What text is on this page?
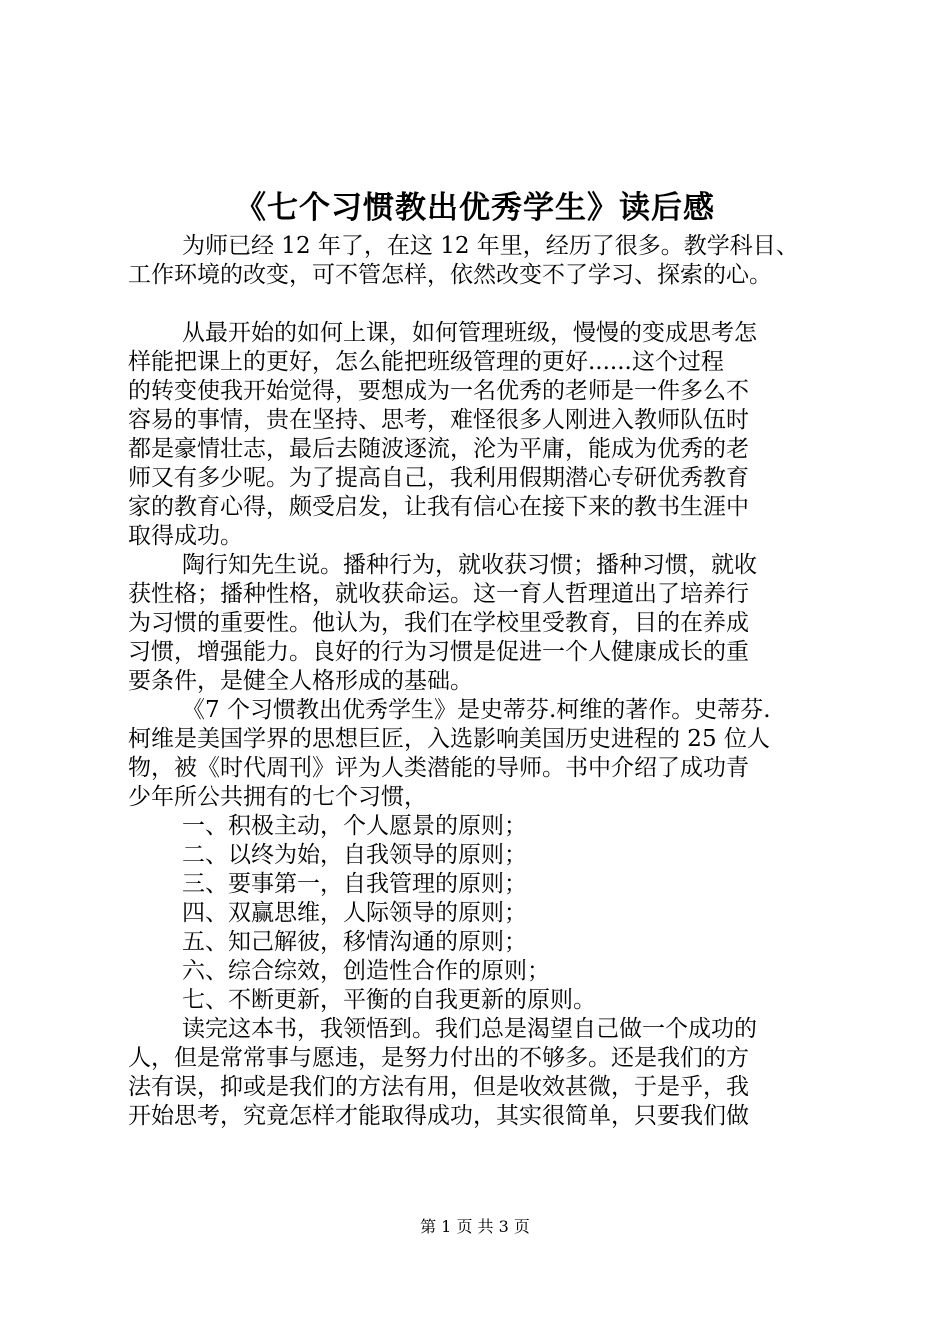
《七个习惯教出优秀学生》读后感
为师已经 12 年了，在这 12 年里，经历了很多。教学科目、
工作环境的改变，可不管怎样，依然改变不了学习、探索的心。
从最开始的如何上课，如何管理班级，慢慢的变成思考怎
样能把课上的更好，怎么能把班级管理的更好......这个过程
的转变使我开始觉得，要想成为一名优秀的老师是一件多么不
容易的事情，贵在坚持、思考，难怪很多人刚进入教师队伍时
都是豪情壮志，最后去随波逐流，沦为平庸，能成为优秀的老
师又有多少呢。为了提高自己，我利用假期潜心专研优秀教育
家的教育心得，颇受启发，让我有信心在接下来的教书生涯中
取得成功。
陶行知先生说。播种行为，就收获习惯；播种习惯，就收
获性格；播种性格，就收获命运。这一育人哲理道出了培养行
为习惯的重要性。他认为，我们在学校里受教育，目的在养成
习惯，增强能力。良好的行为习惯是促进一个人健康成长的重
要条件，是健全人格形成的基础。
《7 个习惯教出优秀学生》是史蒂芬.柯维的著作。史蒂芬.
柯维是美国学界的思想巨匠，入选影响美国历史进程的 25 位人
物，被《时代周刊》评为人类潜能的导师。书中介绍了成功青
少年所公共拥有的七个习惯，
一、积极主动，个人愿景的原则；
二、以终为始，自我领导的原则；
三、要事第一，自我管理的原则；
四、双赢思维，人际领导的原则；
五、知己解彼，移情沟通的原则；
六、综合综效，创造性合作的原则；
七、不断更新，平衡的自我更新的原则。
读完这本书，我领悟到。我们总是渴望自己做一个成功的
人，但是常常事与愿违，是努力付出的不够多。还是我们的方
法有误，抑或是我们的方法有用，但是收效甚微，于是乎，我
开始思考，究竟怎样才能取得成功，其实很简单，只要我们做
第 1 页 共 3 页
